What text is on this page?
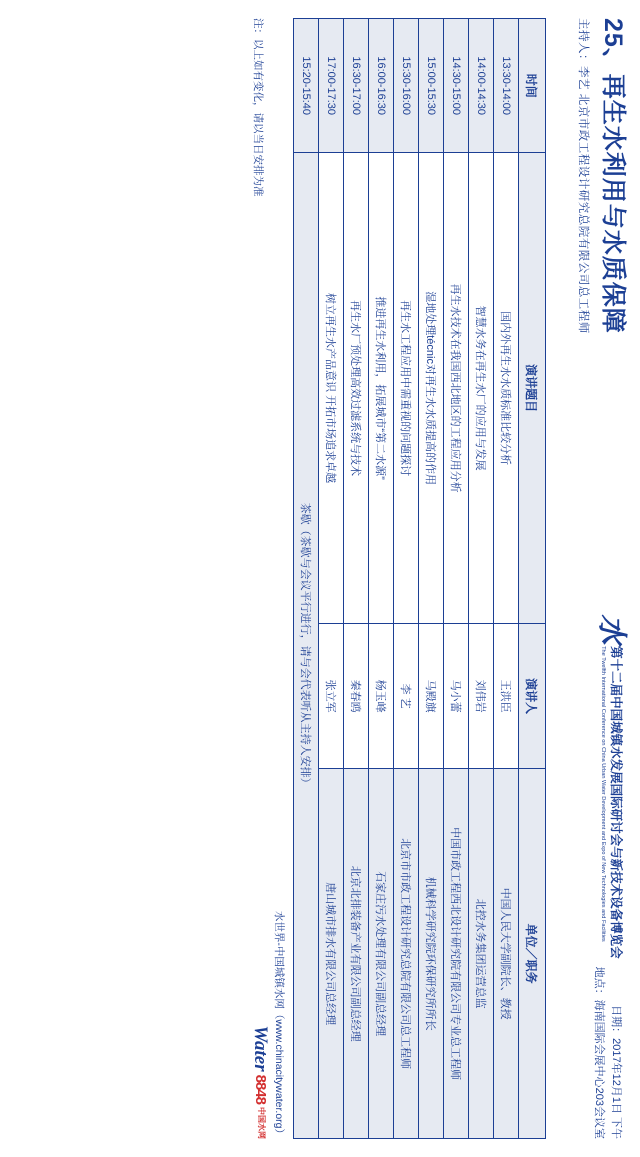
25、再生水利用与水质保障
主持人：李艺 北京市政工程设计研究总院有限公司总工程师
水
第十二届中国城镇水发展国际研讨会与新技术设备博览会
The Twelfth International Conference on China Urban Water Development and Expo of New Technologies and Facilities
日期：2017年12月1日 下午
地点：海南国际会展中心203会议室
时间	演讲题目	演讲人	单位／职务
13:30-14:00	国内外再生水水质标准比较分析	王洪臣	中国人民大学副院长、教授
14:00-14:30	智慧水务在再生水厂的应用与发展	刘伟岩	北控水务集团运营总监
14:30-15:00	再生水技术在我国西北地区的工程应用分析	马小蕾	中国市政工程西北设计研究院有限公司专业总工程师
15:00-15:30	湿地处理técnic对再生水水质提高的作用	马殿旗	机械科学研究院环保研究所所长
15:30-16:00	再生水工程应用中需重视的问题探讨	李 艺	北京市市政工程设计研究总院有限公司总工程师
16:00-16:30	推进再生水利用，拓展城市“第二水源”	杨玉峰	石家庄污水处理有限公司副总经理
16:30-17:00	再生水厂预处理高效过滤系统与技术	秦春鸥	北京北排装备产业有限公司副总经理
17:00-17:30	树立再生水产品意识 开拓市场追求卓越	张立军	唐山城市排水有限公司总经理
15:20-15:40	茶歇（茶歇与会议平行进行，请与会代表听从主持人安排）		
注：以上如有变化，请以当日安排为准
水世界-中国城镇水网（www.chinacitywater.org）
Water
8848
中国水网
